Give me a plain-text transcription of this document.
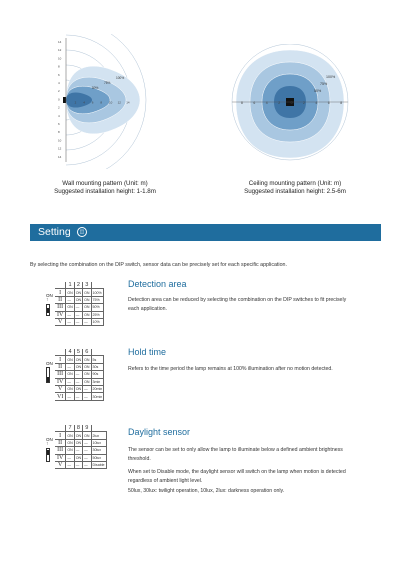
14
12
10
8
6
4
2
0
2
4
6
8
10
12
14
2 4 6 8 10 12 14
100%
75%
50%
8	6	4	2	0	2	4	6	8
100%
75%
50%
Wall mounting pattern (Unit: m)
Suggested installation height: 1-1.8m
Ceiling mounting pattern (Unit: m)
Suggested installation height: 2.5-6m
Setting	◫
By selecting the combination on the DIP switch, sensor data can be precisely set for each specific application.
ON
↑
	1	2	3	
I	ON	ON	ON	100%
II	—	ON	ON	75%
III	ON	—	ON	50%
IV	—	—	ON	25%
V	—	—	—	10%
Detection area
Detection area can be reduced by selecting the combination on the DIP switches to fit precisely each application.
ON
	4	5	6	
I	ON	ON	ON	5s
II	—	ON	ON	30s
III	ON	—	ON	90s
IV	—	—	ON	3min
V	ON	ON	—	20min
VI	—	—	—	30min
Hold time
Refers to the time period the lamp remains at 100% illumination after no motion detected.
ON
↑
	7	8	9	
I	ON	ON	ON	2lux
II	ON	ON	—	10lux
III	ON	—	—	30lux
IV	—	ON	—	50lux
V	—	—	—	Disable
Daylight sensor
The sensor can be set to only allow the lamp to illuminate below a defined ambient brightness threshold.
When set to Disable mode, the daylight sensor will switch on the lamp when motion is detected regardless of ambient light level.
50lux, 30lux: twilight operation, 10lux, 2lux: darkness operation only.
